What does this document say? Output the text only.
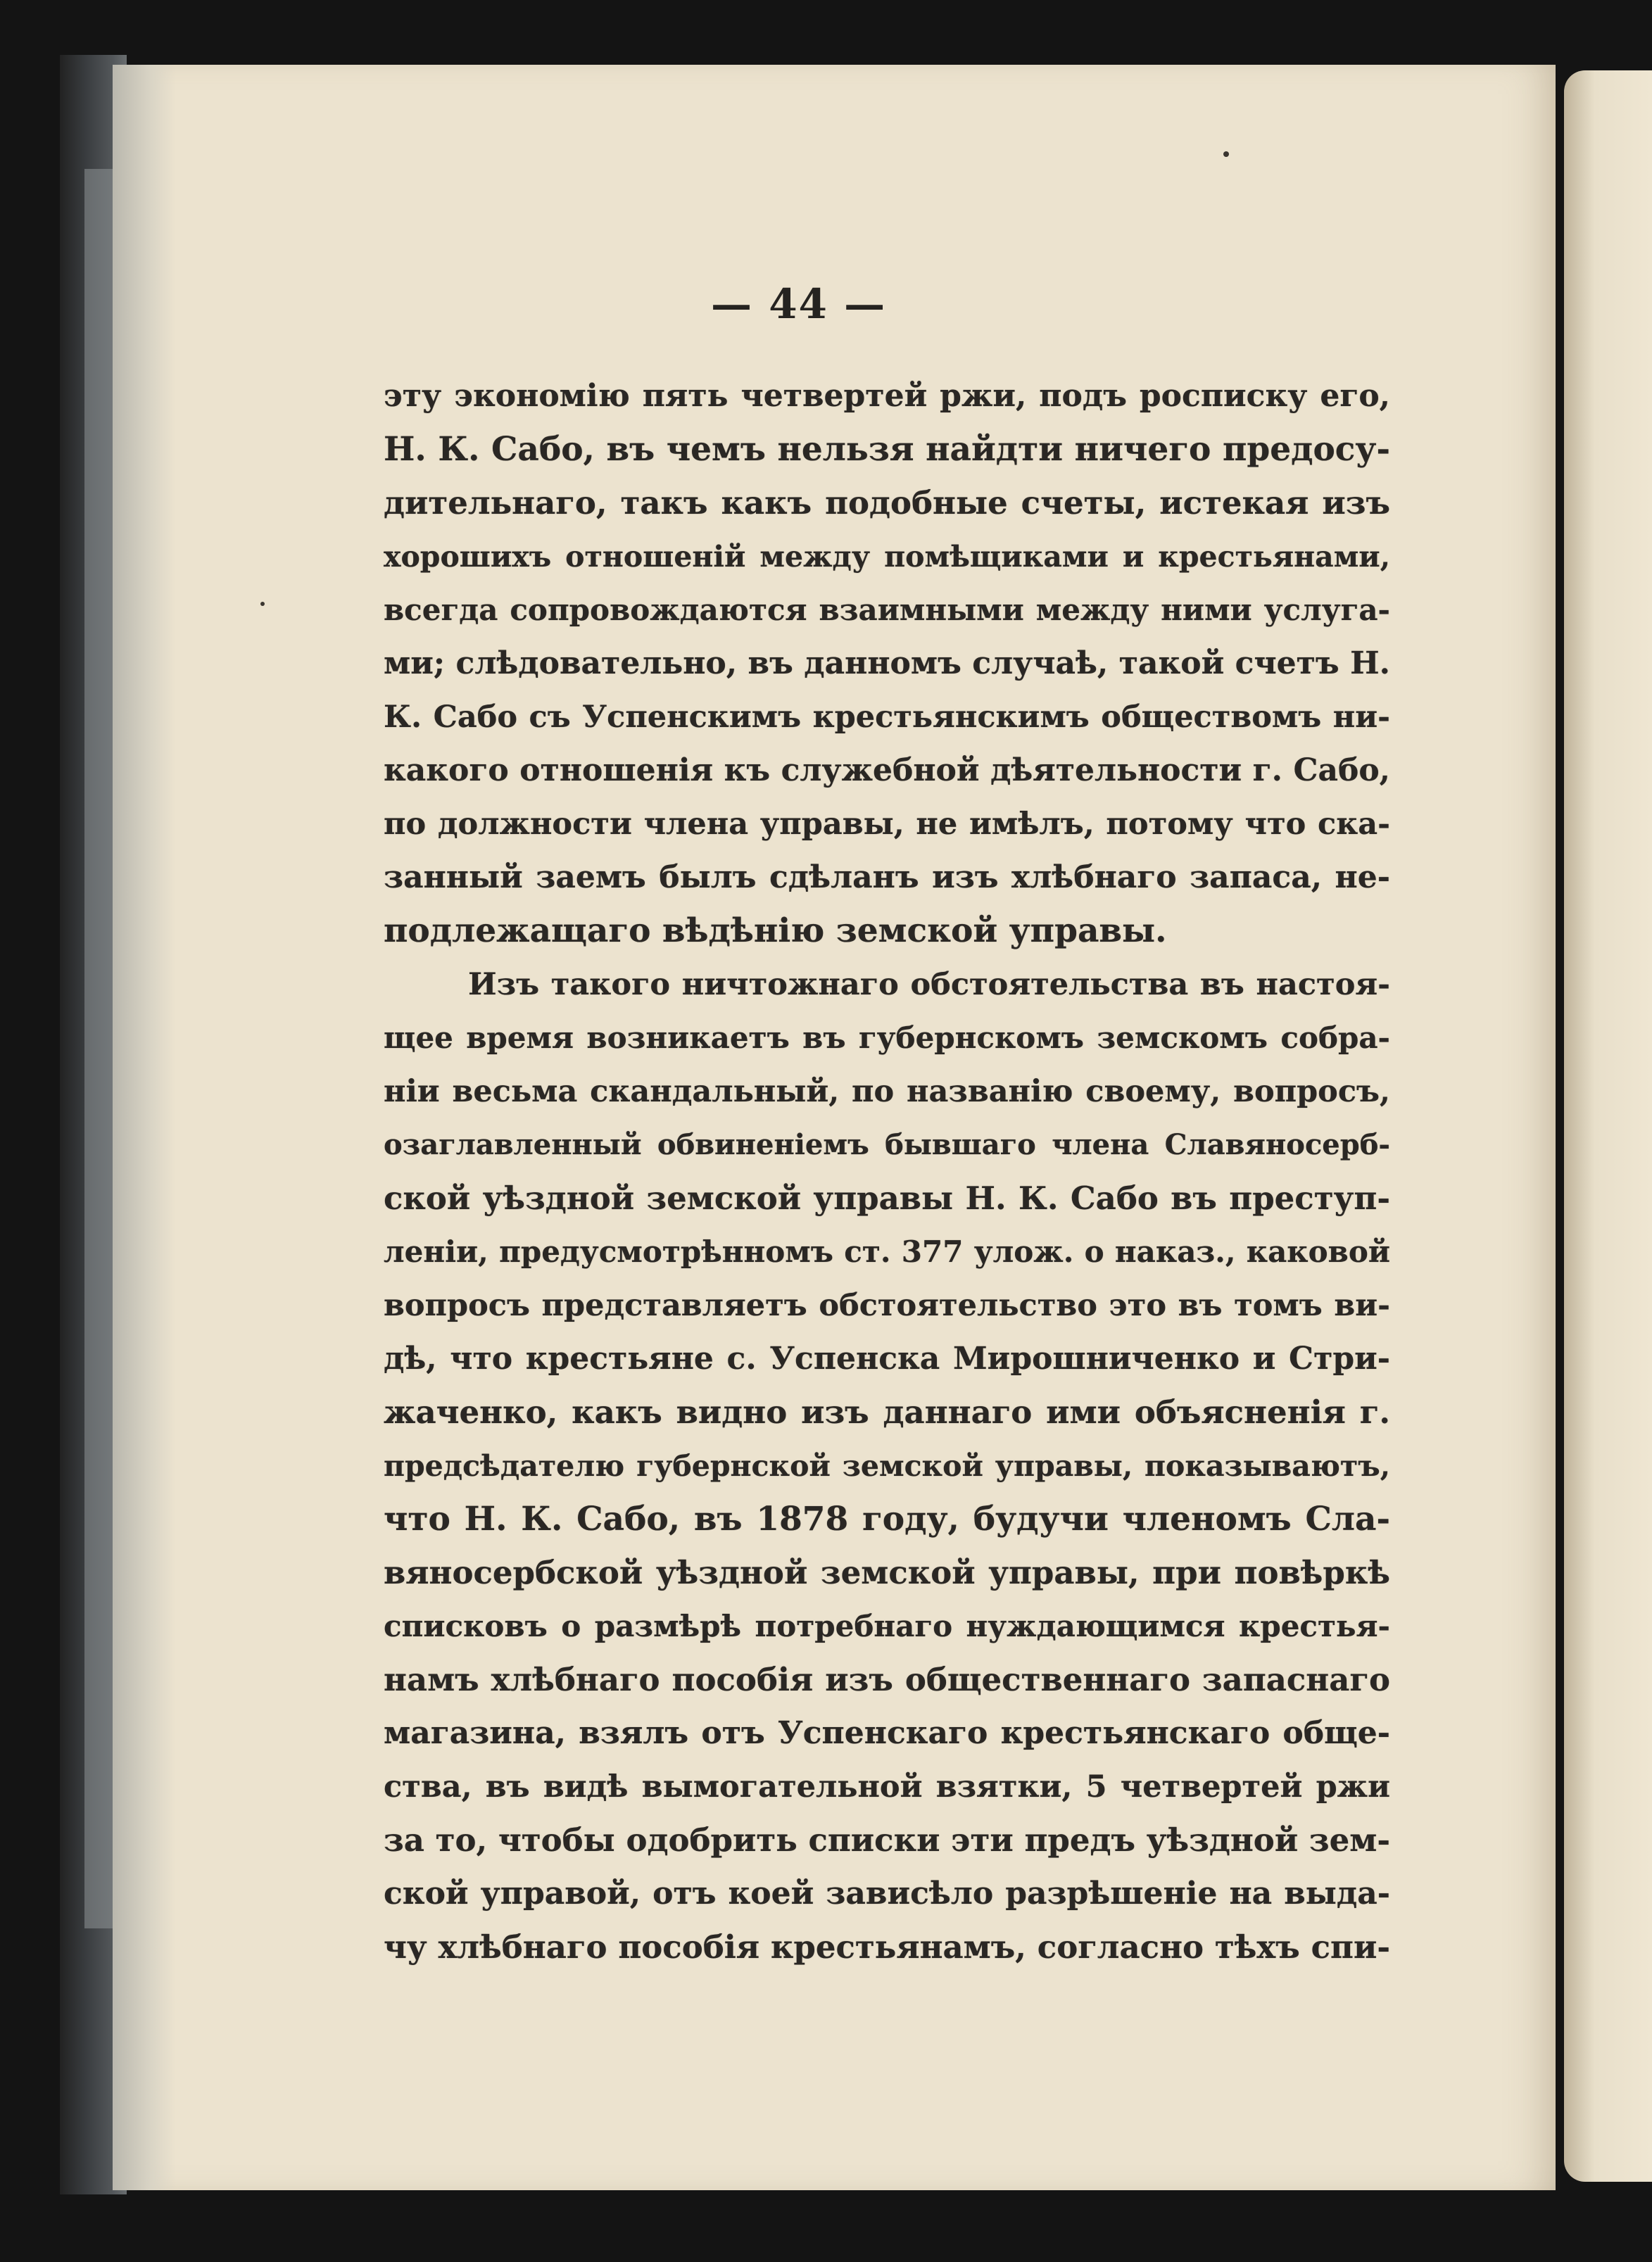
— 44 —
эту экономію пять четвертей ржи, подъ росписку его,
Н. К. Сабо, въ чемъ нельзя найдти ничего предосу-
дительнаго, такъ какъ подобные счеты, истекая изъ
хорошихъ отношеній между помѣщиками и крестьянами,
всегда сопровождаются взаимными между ними услуга-
ми; слѣдовательно, въ данномъ случаѣ, такой счетъ Н.
К. Сабо съ Успенскимъ крестьянскимъ обществомъ ни-
какого отношенія къ служебной дѣятельности г. Сабо,
по должности члена управы, не имѣлъ, потому что ска-
занный заемъ былъ сдѣланъ изъ хлѣбнаго запаса, не-
подлежащаго вѣдѣнію земской управы.
Изъ такого ничтожнаго обстоятельства въ настоя-
щее время возникаетъ въ губернскомъ земскомъ собра-
ніи весьма скандальный, по названію своему, вопросъ,
озаглавленный обвиненіемъ бывшаго члена Славяносерб-
ской уѣздной земской управы Н. К. Сабо въ преступ-
леніи, предусмотрѣнномъ ст. 377 улож. о наказ., каковой
вопросъ представляетъ обстоятельство это въ томъ ви-
дѣ, что крестьяне с. Успенска Мирошниченко и Стри-
жаченко, какъ видно изъ даннаго ими объясненія г.
предсѣдателю губернской земской управы, показываютъ,
что Н. К. Сабо, въ 1878 году, будучи членомъ Сла-
вяносербской уѣздной земской управы, при повѣркѣ
списковъ о размѣрѣ потребнаго нуждающимся крестья-
намъ хлѣбнаго пособія изъ общественнаго запаснаго
магазина, взялъ отъ Успенскаго крестьянскаго обще-
ства, въ видѣ вымогательной взятки, 5 четвертей ржи
за то, чтобы одобрить списки эти предъ уѣздной зем-
ской управой, отъ коей зависѣло разрѣшеніе на выда-
чу хлѣбнаго пособія крестьянамъ, согласно тѣхъ спи-
